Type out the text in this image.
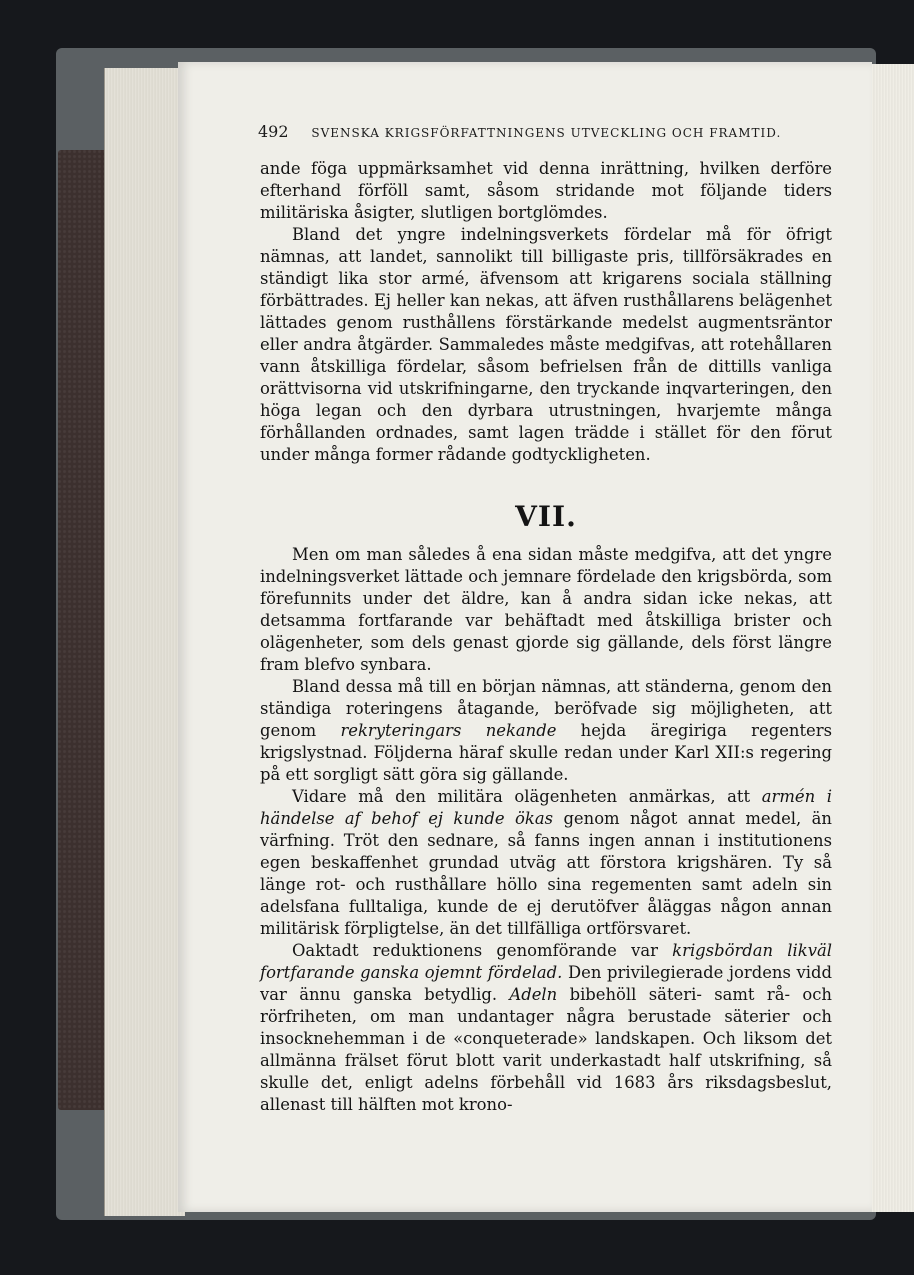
492 SVENSKA KRIGSFÖRFATTNINGENS UTVECKLING OCH FRAMTID.

ande föga uppmärksamhet vid denna inrättning, hvilken derföre efterhand förföll samt, såsom stridande mot följande tiders militäriska åsigter, slutligen bortglömdes.

Bland det yngre indelningsverkets fördelar må för öfrigt nämnas, att landet, sannolikt till billigaste pris, tillförsäkrades en ständigt lika stor armé, äfvensom att krigarens sociala ställning förbättrades. Ej heller kan nekas, att äfven rusthållarens belägenhet lättades genom rusthållens förstärkande medelst augmentsräntor eller andra åtgärder. Sammaledes måste medgifvas, att rotehållaren vann åtskilliga fördelar, såsom befrielsen från de dittills vanliga orättvisorna vid utskrifningarne, den tryckande inqvarteringen, den höga legan och den dyrbara utrustningen, hvarjemte många förhållanden ordnades, samt lagen trädde i stället för den förut under många former rådande godtyckligheten.

VII.

Men om man således å ena sidan måste medgifva, att det yngre indelningsverket lättade och jemnare fördelade den krigsbörda, som förefunnits under det äldre, kan å andra sidan icke nekas, att detsamma fortfarande var behäftadt med åtskilliga brister och olägenheter, som dels genast gjorde sig gällande, dels först längre fram blefvo synbara.

Bland dessa må till en början nämnas, att ständerna, genom den ständiga roteringens åtagande, beröfvade sig möjligheten, att genom rekryteringars nekande hejda äregiriga regenters krigslystnad. Följderna häraf skulle redan under Karl XII:s regering på ett sorgligt sätt göra sig gällande.

Vidare må den militära olägenheten anmärkas, att armén i händelse af behof ej kunde ökas genom något annat medel, än värfning. Tröt den sednare, så fanns ingen annan i institutionens egen beskaffenhet grundad utväg att förstora krigshären. Ty så länge rot- och rusthållare höllo sina regementen samt adeln sin adelsfana fulltaliga, kunde de ej derutöfver åläggas någon annan militärisk förpligtelse, än det tillfälliga ortförsvaret.

Oaktadt reduktionens genomförande var krigsbördan likväl fortfarande ganska ojemnt fördelad. Den privilegierade jordens vidd var ännu ganska betydlig. Adeln bibehöll säteri- samt rå- och rörfriheten, om man undantager några berustade säterier och insocknehemman i de «conqueterade» landskapen. Och liksom det allmänna frälset förut blott varit underkastadt half utskrifning, så skulle det, enligt adelns förbehåll vid 1683 års riksdagsbeslut, allenast till hälften mot krono-
